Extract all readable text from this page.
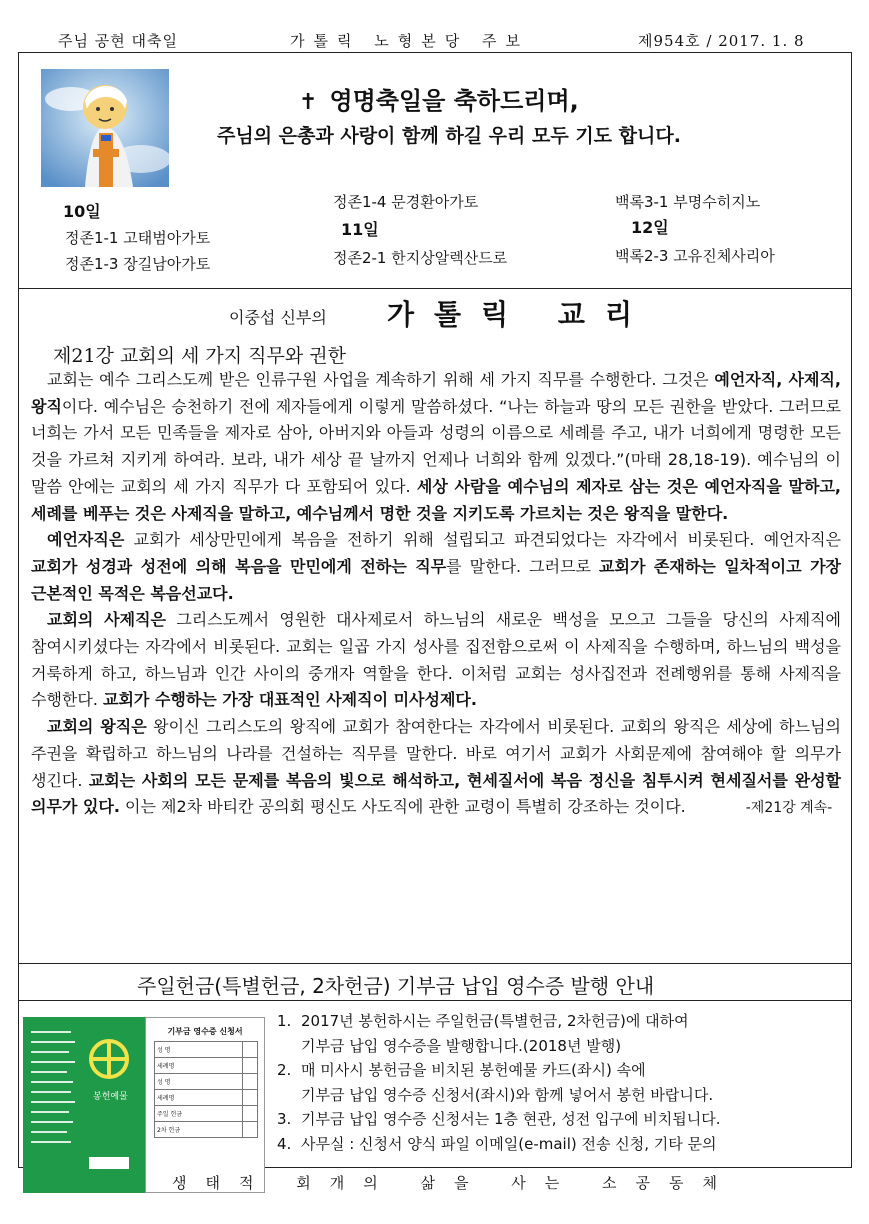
주님 공현 대축일	가톨릭 노형본당 주보	제954호 / 2017. 1. 8
✝ 영명축일을 축하드리며,
주님의 은총과 사랑이 함께 하길 우리 모두 기도 합니다.
10일
정존1-1 고태범아가토
정존1-3 장길남아가토
정존1-4 문경환아가토
11일
정존2-1 한지상알렉산드로
백록3-1 부명수히지노
12일
백록2-3 고유진체사리아
이중섭 신부의 가톨릭 교리
제21강 교회의 세 가지 직무와 권한

교회는 예수 그리스도께 받은 인류구원 사업을 계속하기 위해 세 가지 직무를 수행한다. 그것은 예언자직, 사제직, 왕직이다. 예수님은 승천하기 전에 제자들에게 이렇게 말씀하셨다. “나는 하늘과 땅의 모든 권한을 받았다. 그러므로 너희는 가서 모든 민족들을 제자로 삼아, 아버지와 아들과 성령의 이름으로 세례를 주고, 내가 너희에게 명령한 모든 것을 가르쳐 지키게 하여라. 보라, 내가 세상 끝 날까지 언제나 너희와 함께 있겠다.”(마태 28,18-19). 예수님의 이 말씀 안에는 교회의 세 가지 직무가 다 포함되어 있다. 세상 사람을 예수님의 제자로 삼는 것은 예언자직을 말하고, 세례를 베푸는 것은 사제직을 말하고, 예수님께서 명한 것을 지키도록 가르치는 것은 왕직을 말한다.

예언자직은 교회가 세상만민에게 복음을 전하기 위해 설립되고 파견되었다는 자각에서 비롯된다. 예언자직은 교회가 성경과 성전에 의해 복음을 만민에게 전하는 직무를 말한다. 그러므로 교회가 존재하는 일차적이고 가장 근본적인 목적은 복음선교다.

교회의 사제직은 그리스도께서 영원한 대사제로서 하느님의 새로운 백성을 모으고 그들을 당신의 사제직에 참여시키셨다는 자각에서 비롯된다. 교회는 일곱 가지 성사를 집전함으로써 이 사제직을 수행하며, 하느님의 백성을 거룩하게 하고, 하느님과 인간 사이의 중개자 역할을 한다. 이처럼 교회는 성사집전과 전례행위를 통해 사제직을 수행한다. 교회가 수행하는 가장 대표적인 사제직이 미사성제다.

교회의 왕직은 왕이신 그리스도의 왕직에 교회가 참여한다는 자각에서 비롯된다. 교회의 왕직은 세상에 하느님의 주권을 확립하고 하느님의 나라를 건설하는 직무를 말한다. 바로 여기서 교회가 사회문제에 참여해야 할 의무가 생긴다. 교회는 사회의 모든 문제를 복음의 빛으로 해석하고, 현세질서에 복음 정신을 침투시켜 현세질서를 완성할 의무가 있다. 이는 제2차 바티칸 공의회 평신도 사도직에 관한 교령이 특별히 강조하는 것이다.	-제21강 계속-

주일헌금(특별헌금, 2차헌금) 기부금 납입 영수증 발행 안내
봉헌예물
기부금 영수증 신청서
성 명	
세례명	
성 명	
세례명	
주일 헌금	
2차 헌금	
1. 2017년 봉헌하시는 주일헌금(특별헌금, 2차헌금)에 대하여
기부금 납입 영수증을 발행합니다.(2018년 발행)
2. 매 미사시 봉헌금을 비치된 봉헌예물 카드(좌시) 속에
기부금 납입 영수증 신청서(좌시)와 함께 넣어서 봉헌 바랍니다.
3. 기부금 납입 영수증 신청서는 1층 현관, 성전 입구에 비치됩니다.
4. 사무실 : 신청서 양식 파일 이메일(e-mail) 전송 신청, 기타 문의
생태적 회개의 삶을 사는 소공동체
